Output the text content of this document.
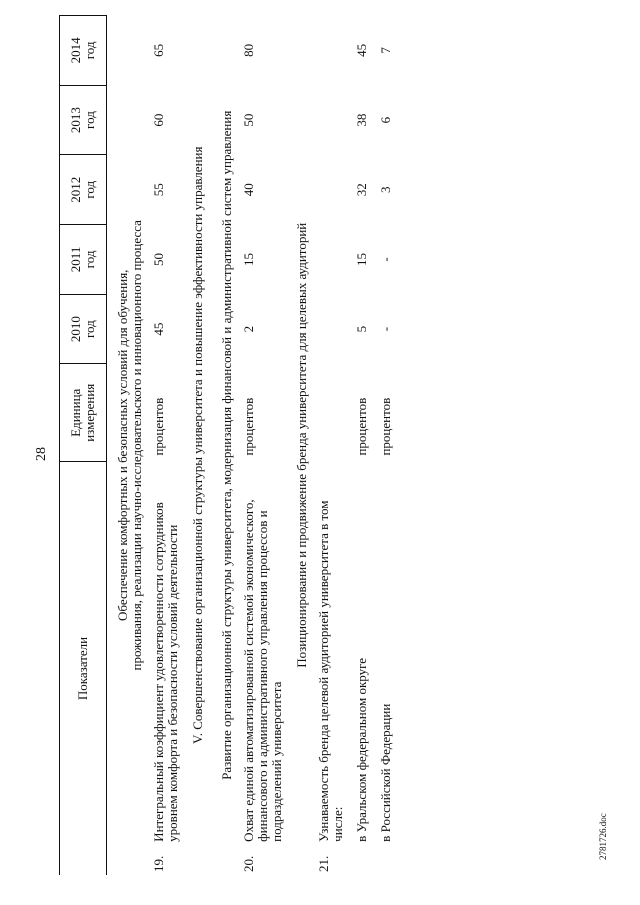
28
2781726.doc
Показатели		Единица измерения	2010 год	2011 год	2012 год	2013 год	2014 год

Обеспечение комфортных и безопасных условий для обучения, проживания, реализации научно-исследовательского и инновационного процесса							

19.	Интегральный коэффициент удовлетворенности сотрудников уровнем комфорта и безопасности условий деятельности	процентов	45	50	55	60	65
V. Совершенствование организационной структуры университета и повышение эффективности управления							
Развитие организационной структуры университета, модернизация финансовой и административной систем управления							
20.	Охват единой автоматизированной системой экономического, финансового и административного управления процессов и подразделений университета	процентов	2	15	40	50	80
Позиционирование и продвижение бренда университета для целевых аудиторий							
21.	Узнаваемость бренда целевой аудиторией университета в том числе:						

	в Уральском федеральном округе	процентов	5	15	32	38	45

	в Российской Федерации	процентов	-	-	3	6	7
